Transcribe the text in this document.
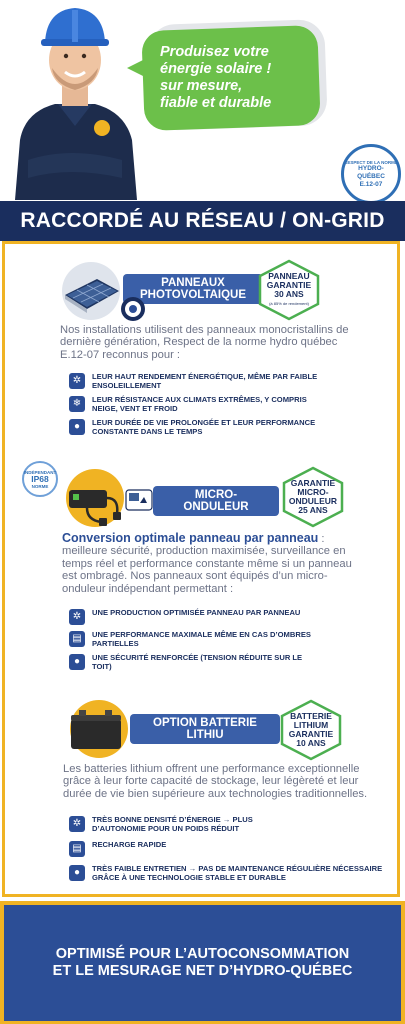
Produisez votre
énergie solaire !
sur mesure,
fiable et durable
RESPECT DE LA NORME
HYDRO-
QUÉBEC
E.12-07
RACCORDÉ AU RÉSEAU / ON-GRID
PANNEAUX PHOTOVOLTAIQUE
PANNEAU
GARANTIE
30 ANS
(à 85% de rendement)

Nos installations utilisent des panneaux monocristallins de dernière génération, Respect de la norme hydro québec E.12-07 reconnus pour :

✲	LEUR HAUT RENDEMENT ÉNERGÉTIQUE, MÊME PAR FAIBLE ENSOLEILLEMENT
❄	LEUR RÉSISTANCE AUX CLIMATS EXTRÊMES, Y COMPRIS NEIGE, VENT ET FROID
●	LEUR DURÉE DE VIE PROLONGÉE ET LEUR PERFORMANCE CONSTANTE DANS LE TEMPS
INDÉPENDANT
IP68
NORME
MICRO-ONDULEUR
GARANTIE
MICRO-
ONDULEUR
25 ANS

Conversion optimale panneau par panneau : meilleure sécurité, production maximisée, surveillance en temps réel et performance constante même si un panneau est ombragé. Nos panneaux sont équipés d’un micro-onduleur indépendant permettant :

✲	UNE PRODUCTION OPTIMISÉE PANNEAU PAR PANNEAU
▤	UNE PERFORMANCE MAXIMALE MÊME EN CAS D’OMBRES PARTIELLES
●	UNE SÉCURITÉ RENFORCÉE (TENSION RÉDUITE SUR LE TOIT)
OPTION BATTERIE LITHIU
BATTERIE
LITHIUM
GARANTIE
10 ANS

Les batteries lithium offrent une performance exceptionnelle grâce à leur forte capacité de stockage, leur légèreté et leur durée de vie bien supérieure aux technologies traditionnelles.

✲	TRÈS BONNE DENSITÉ D’ÉNERGIE → PLUS D’AUTONOMIE POUR UN POIDS RÉDUIT
▤	RECHARGE RAPIDE
●	TRÈS FAIBLE ENTRETIEN → PAS DE MAINTENANCE RÉGULIÈRE NÉCESSAIRE GRÂCE À UNE TECHNOLOGIE STABLE ET DURABLE

OPTIMISÉ POUR L’AUTOCONSOMMATION ET LE MESURAGE NET D’HYDRO-QUÉBEC
